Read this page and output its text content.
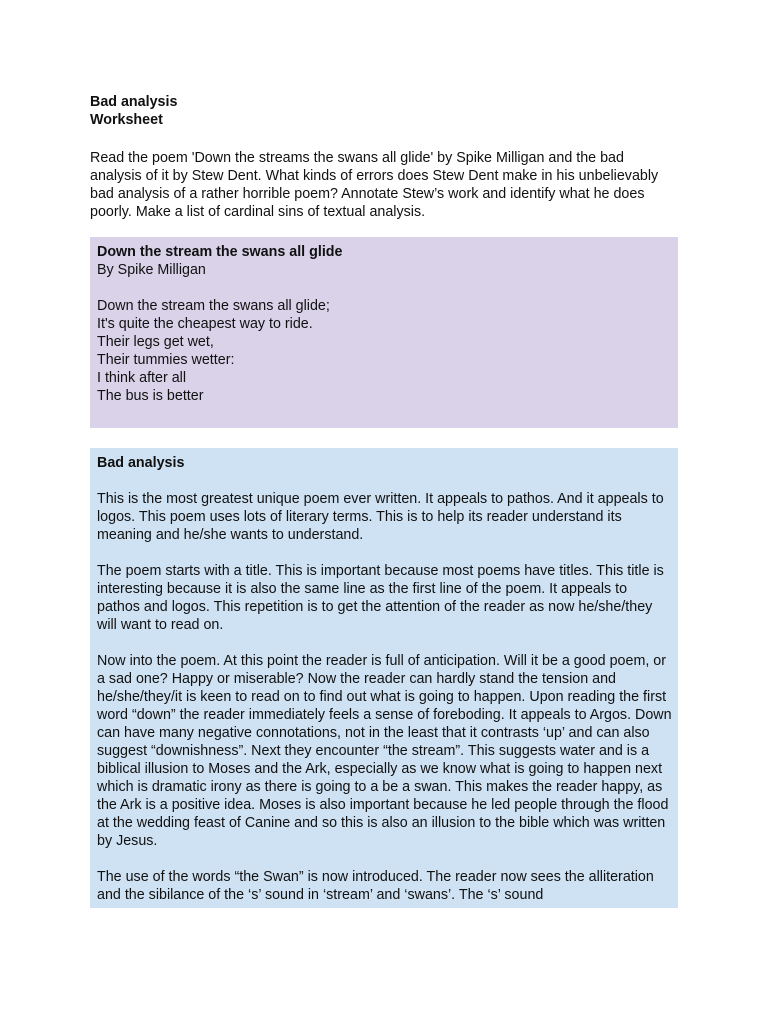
Bad analysis

Worksheet

Read the poem 'Down the streams the swans all glide' by Spike Milligan and the bad analysis of it by Stew Dent. What kinds of errors does Stew Dent make in his unbelievably bad analysis of a rather horrible poem? Annotate Stew’s work and identify what he does poorly. Make a list of cardinal sins of textual analysis.

Down the stream the swans all glide

By Spike Milligan

Down the stream the swans all glide;

It's quite the cheapest way to ride.

Their legs get wet,

Their tummies wetter:

I think after all

The bus is better

Bad analysis

This is the most greatest unique poem ever written. It appeals to pathos. And it appeals to logos. This poem uses lots of literary terms. This is to help its reader understand its meaning and he/she wants to understand.

The poem starts with a title. This is important because most poems have titles. This title is interesting because it is also the same line as the first line of the poem. It appeals to pathos and logos. This repetition is to get the attention of the reader as now he/she/they will want to read on.

Now into the poem. At this point the reader is full of anticipation. Will it be a good poem, or a sad one? Happy or miserable? Now the reader can hardly stand the tension and he/she/they/it is keen to read on to find out what is going to happen. Upon reading the first word “down” the reader immediately feels a sense of foreboding. It appeals to Argos. Down can have many negative connotations, not in the least that it contrasts ‘up’ and can also suggest “downishness”. Next they encounter “the stream”. This suggests water and is a biblical illusion to Moses and the Ark, especially as we know what is going to happen next which is dramatic irony as there is going to a be a swan. This makes the reader happy, as the Ark is a positive idea. Moses is also important because he led people through the flood at the wedding feast of Canine and so this is also an illusion to the bible which was written by Jesus.

The use of the words “the Swan” is now introduced. The reader now sees the alliteration and the sibilance of the ‘s’ sound in ‘stream’ and ‘swans’. The ‘s’ sound
